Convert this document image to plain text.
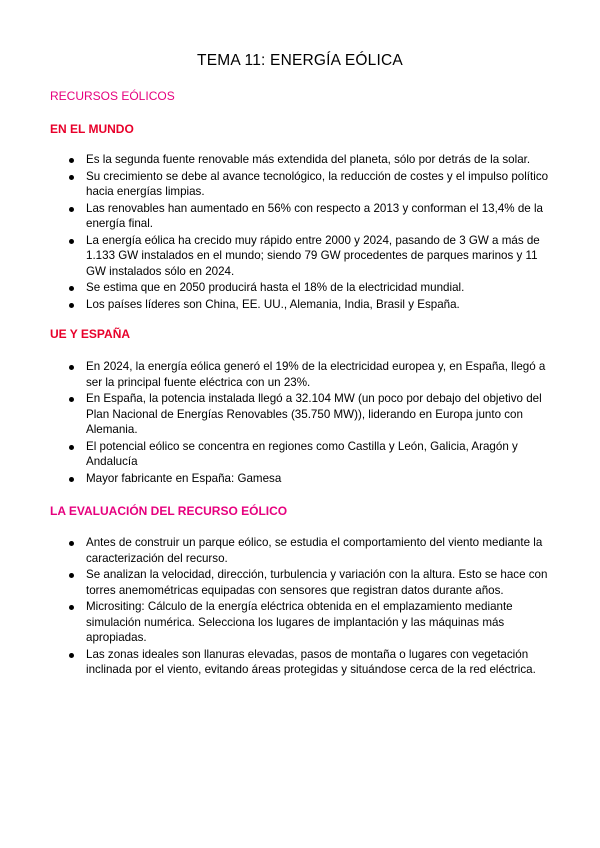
TEMA 11: ENERGÍA EÓLICA
RECURSOS EÓLICOS
EN EL MUNDO
Es la segunda fuente renovable más extendida del planeta, sólo por detrás de la solar.
Su crecimiento se debe al avance tecnológico, la reducción de costes y el impulso político hacia energías limpias.
Las renovables han aumentado en 56% con respecto a 2013 y conforman el 13,4% de la energía final.
La energía eólica ha crecido muy rápido entre 2000 y 2024, pasando de 3 GW a más de 1.133 GW instalados en el mundo; siendo 79 GW procedentes de parques marinos y 11 GW instalados sólo en 2024.
Se estima que en 2050 producirá hasta el 18% de la electricidad mundial.
Los países líderes son China, EE. UU., Alemania, India, Brasil y España.
UE Y ESPAÑA
En 2024, la energía eólica generó el 19% de la electricidad europea y, en España, llegó a ser la principal fuente eléctrica con un 23%.
En España, la potencia instalada llegó a 32.104 MW (un poco por debajo del objetivo del Plan Nacional de Energías Renovables (35.750 MW)), liderando en Europa junto con Alemania.
El potencial eólico se concentra en regiones como Castilla y León, Galicia, Aragón y Andalucía
Mayor fabricante en España: Gamesa
LA EVALUACIÓN DEL RECURSO EÓLICO
Antes de construir un parque eólico, se estudia el comportamiento del viento mediante la caracterización del recurso.
Se analizan la velocidad, dirección, turbulencia y variación con la altura. Esto se hace con torres anemométricas equipadas con sensores que registran datos durante años.
Micrositing: Cálculo de la energía eléctrica obtenida en el emplazamiento mediante simulación numérica. Selecciona los lugares de implantación y las máquinas más apropiadas.
Las zonas ideales son llanuras elevadas, pasos de montaña o lugares con vegetación inclinada por el viento, evitando áreas protegidas y situándose cerca de la red eléctrica.
